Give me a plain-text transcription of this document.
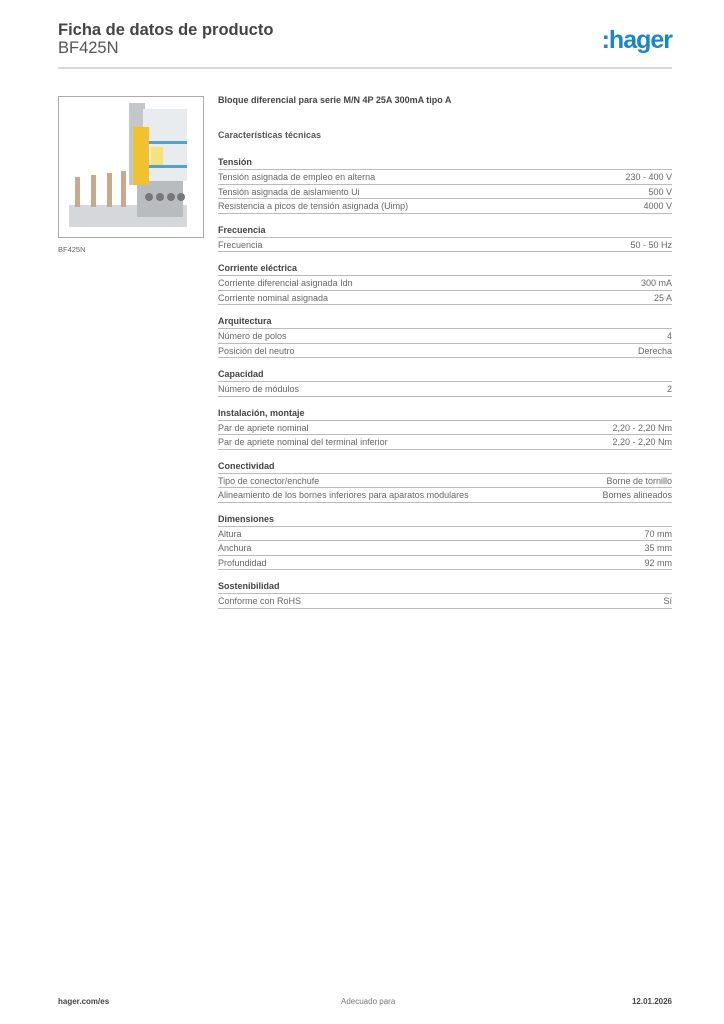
Ficha de datos de producto
BF425N	:hager
BF425N
Bloque diferencial para serie M/N 4P 25A 300mA tipo A
Características técnicas
Tensión
Tensión asignada de empleo en alterna	230 - 400 V
Tensión asignada de aislamiento Ui	500 V
Resistencia a picos de tensión asignada (Uimp)	4000 V
Frecuencia
Frecuencia	50 - 50 Hz
Corriente eléctrica
Corriente diferencial asignada Idn	300 mA
Corriente nominal asignada	25 A
Arquitectura
Número de polos	4
Posición del neutro	Derecha
Capacidad
Número de módulos	2
Instalación, montaje
Par de apriete nominal	2,20 - 2,20 Nm
Par de apriete nominal del terminal inferior	2,20 - 2,20 Nm
Conectividad
Tipo de conector/enchufe	Borne de tornillo
Alineamiento de los bornes inferiores para aparatos modulares	Bornes alineados
Dimensiones
Altura	70 mm
Anchura	35 mm
Profundidad	92 mm
Sostenibilidad
Conforme con RoHS	Sí
hager.com/es	Adecuado para	12.01.2026
